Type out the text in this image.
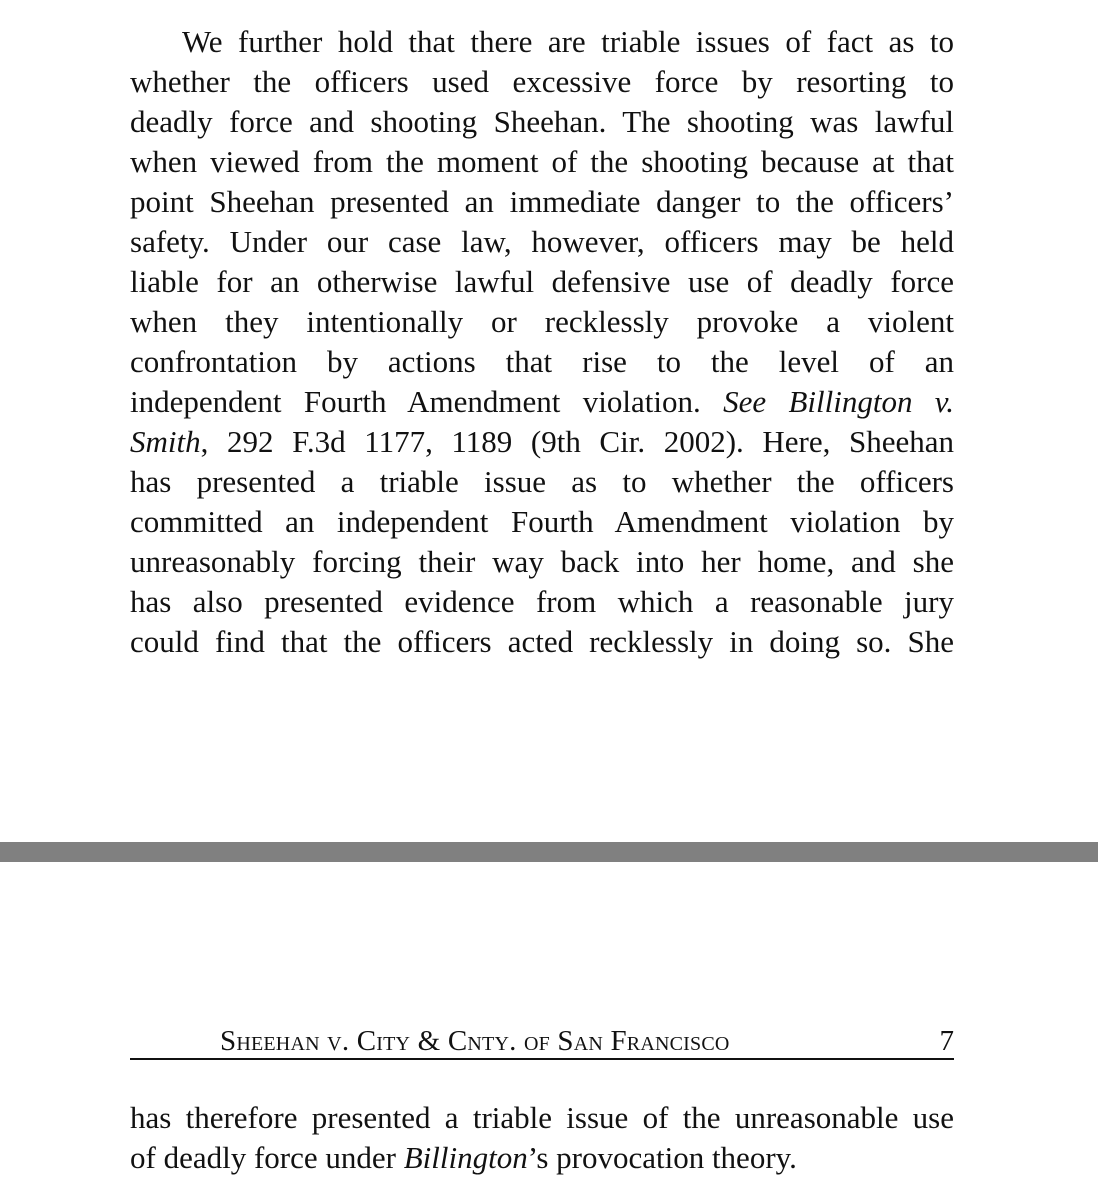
We further hold that there are triable issues of fact as to
whether the officers used excessive force by resorting to
deadly force and shooting Sheehan. The shooting was lawful
when viewed from the moment of the shooting because at that
point Sheehan presented an immediate danger to the officers’
safety. Under our case law, however, officers may be held
liable for an otherwise lawful defensive use of deadly force
when they intentionally or recklessly provoke a violent
confrontation by actions that rise to the level of an
independent Fourth Amendment violation. See Billington v.
Smith, 292 F.3d 1177, 1189 (9th Cir. 2002). Here, Sheehan
has presented a triable issue as to whether the officers
committed an independent Fourth Amendment violation by
unreasonably forcing their way back into her home, and she
has also presented evidence from which a reasonable jury
could find that the officers acted recklessly in doing so. She

Sheehan v. City & Cnty. of San Francisco	7

has therefore presented a triable issue of the unreasonable use
of deadly force under Billington’s provocation theory.
